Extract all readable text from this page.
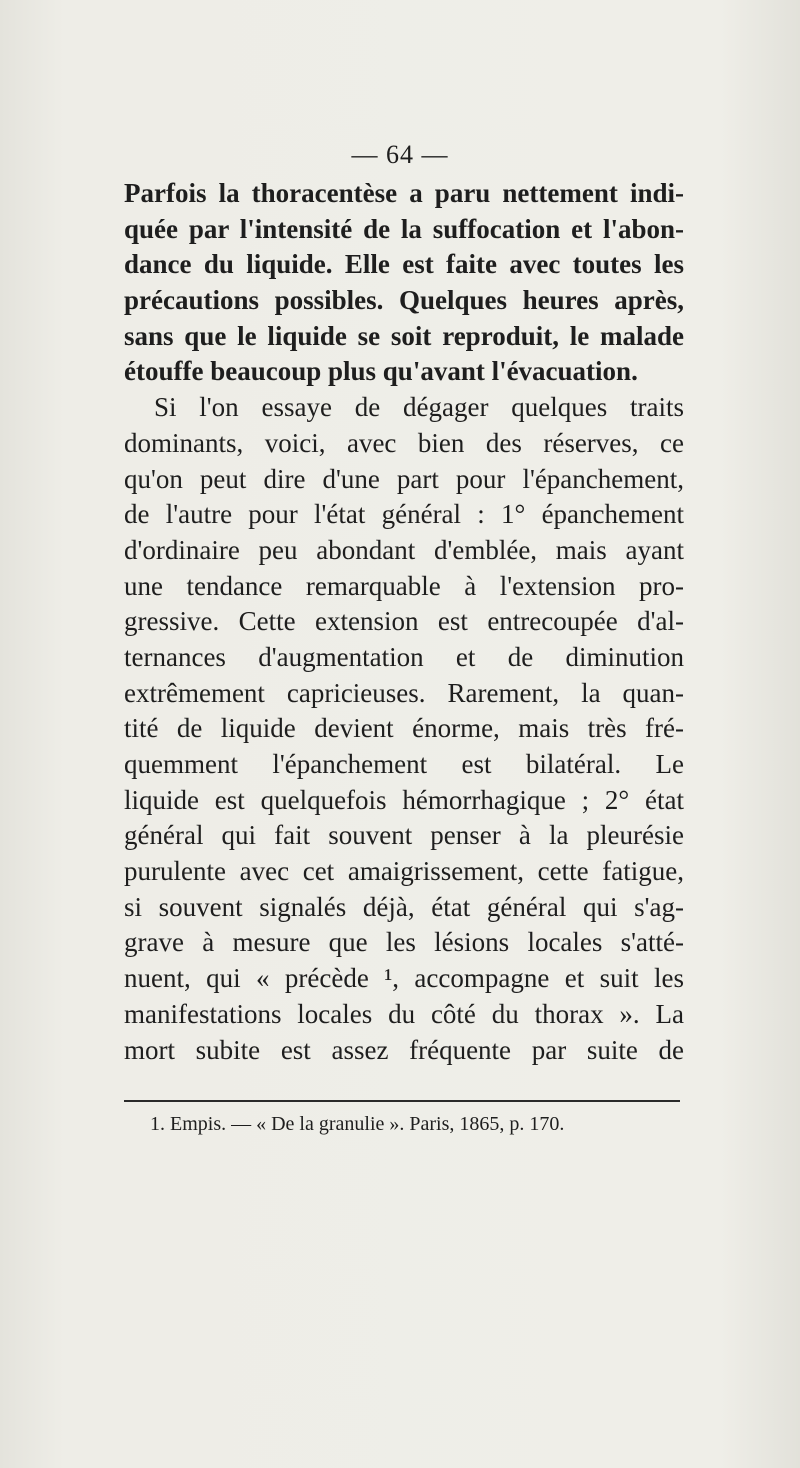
— 64 —
Parfois la thoracentèse a paru nettement indi-
quée par l'intensité de la suffocation et l'abon-
dance du liquide. Elle est faite avec toutes les
précautions possibles. Quelques heures après,
sans que le liquide se soit reproduit, le malade
étouffe beaucoup plus qu'avant l'évacuation.
Si l'on essaye de dégager quelques traits
dominants, voici, avec bien des réserves, ce
qu'on peut dire d'une part pour l'épanchement,
de l'autre pour l'état général : 1° épanchement
d'ordinaire peu abondant d'emblée, mais ayant
une tendance remarquable à l'extension pro-
gressive. Cette extension est entrecoupée d'al-
ternances d'augmentation et de diminution
extrêmement capricieuses. Rarement, la quan-
tité de liquide devient énorme, mais très fré-
quemment l'épanchement est bilatéral. Le
liquide est quelquefois hémorrhagique ; 2° état
général qui fait souvent penser à la pleurésie
purulente avec cet amaigrissement, cette fatigue,
si souvent signalés déjà, état général qui s'ag-
grave à mesure que les lésions locales s'atté-
nuent, qui « précède ¹, accompagne et suit les
manifestations locales du côté du thorax ». La
mort subite est assez fréquente par suite de
1. Empis. — « De la granulie ». Paris, 1865, p. 170.
